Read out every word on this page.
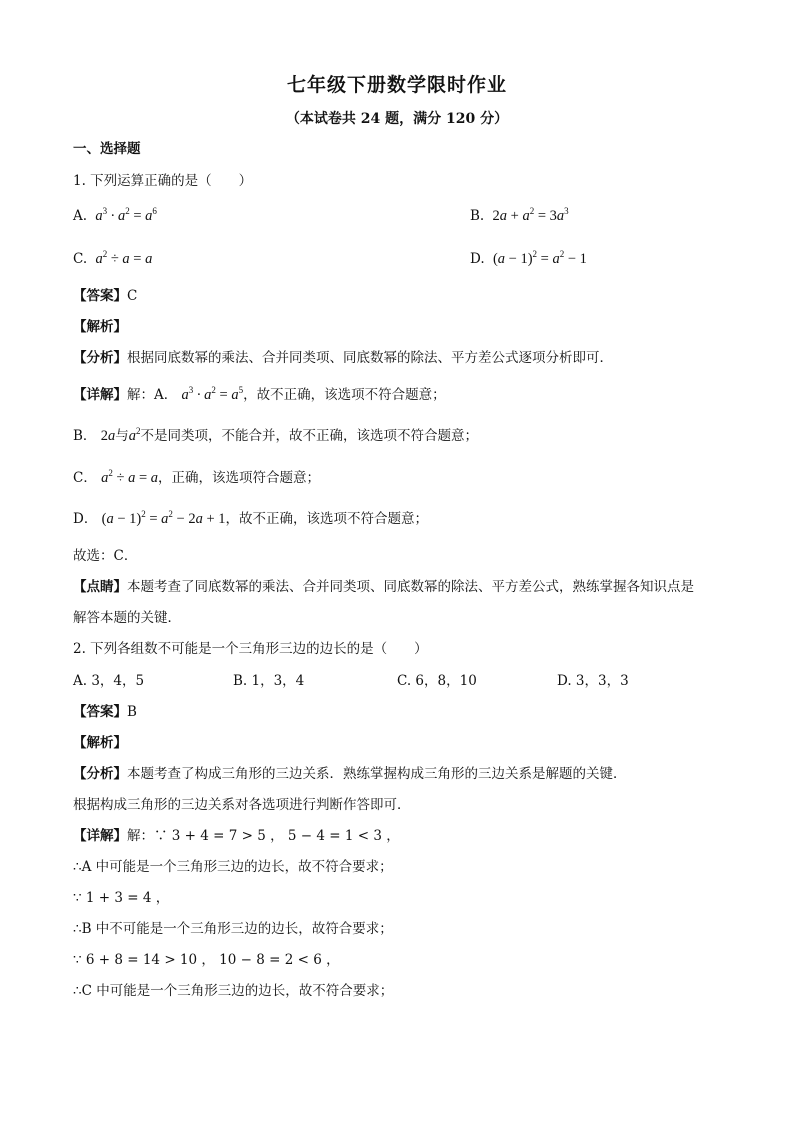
七年级下册数学限时作业
（本试卷共 24 题，满分 120 分）
一、选择题
1. 下列运算正确的是（　　）
A. $a^3 \cdot a^2 = a^6$	B. $2a + a^2 = 3a^3$
C. $a^2 \div a = a$	D. $(a - 1)^2 = a^2 - 1$
【答案】C
【解析】
【分析】根据同底数幂的乘法、合并同类项、同底数幂的除法、平方差公式逐项分析即可．
【详解】解：A． $a^3 \cdot a^2 = a^5$，故不正确，该选项不符合题意；
B． 2a与$a^2$不是同类项，不能合并，故不正确，该选项不符合题意；
C． $a^2 \div a = a$，正确，该选项符合题意；
D． $(a - 1)^2 = a^2 - 2a + 1$，故不正确，该选项不符合题意；
故选：C．
【点睛】本题考查了同底数幂的乘法、合并同类项、同底数幂的除法、平方差公式，熟练掌握各知识点是
解答本题的关键．
2. 下列各组数不可能是一个三角形三边的边长的是（　　）
A. 3，4，5	B. 1，3，4	C. 6，8，10	D. 3，3，3
【答案】B
【解析】
【分析】本题考查了构成三角形的三边关系．熟练掌握构成三角形的三边关系是解题的关键．
根据构成三角形的三边关系对各选项进行判断作答即可．
【详解】解：∵ 3 + 4 = 7 > 5 ， 5 − 4 = 1 < 3 ，
∴A 中可能是一个三角形三边的边长，故不符合要求；
∵ 1 + 3 = 4 ，
∴B 中不可能是一个三角形三边的边长，故符合要求；
∵ 6 + 8 = 14 > 10 ， 10 − 8 = 2 < 6 ，
∴C 中可能是一个三角形三边的边长，故不符合要求；
